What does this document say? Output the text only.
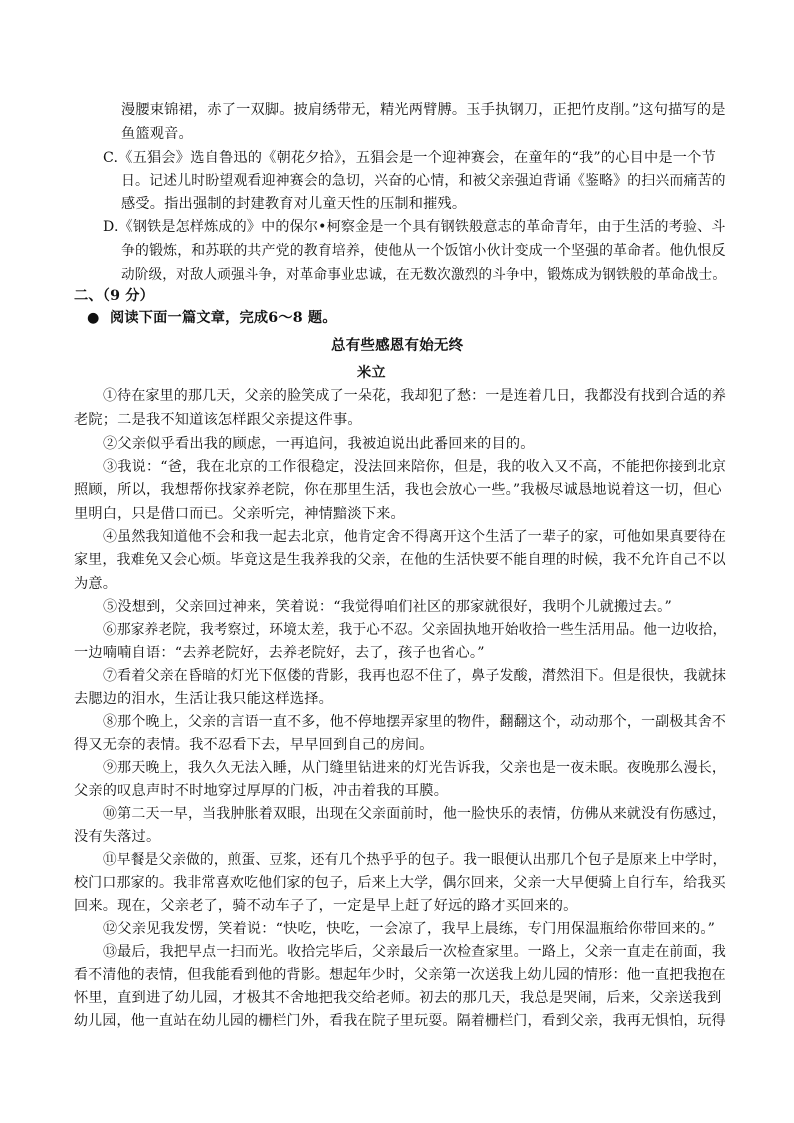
漫腰束锦裙，赤了一双脚。披肩绣带无，精光两臂膊。玉手执钢刀，正把竹皮削。”这句描写的是
鱼篮观音。
C.《五猖会》选自鲁迅的《朝花夕拾》，五猖会是一个迎神赛会，在童年的“我”的心目中是一个节
日。记述儿时盼望观看迎神赛会的急切，兴奋的心情，和被父亲强迫背诵《鉴略》的扫兴而痛苦的
感受。指出强制的封建教育对儿童天性的压制和摧残。
D.《钢铁是怎样炼成的》中的保尔•柯察金是一个具有钢铁般意志的革命青年，由于生活的考验、斗
争的锻炼，和苏联的共产党的教育培养，使他从一个饭馆小伙计变成一个坚强的革命者。他仇恨反
动阶级，对敌人顽强斗争，对革命事业忠诚，在无数次激烈的斗争中，锻炼成为钢铁般的革命战士。
二、（9 分）
● 阅读下面一篇文章，完成6～8 题。
总有些感恩有始无终
米立
①待在家里的那几天，父亲的脸笑成了一朵花，我却犯了愁：一是连着几日，我都没有找到合适的养
老院；二是我不知道该怎样跟父亲提这件事。
②父亲似乎看出我的顾虑，一再追问，我被迫说出此番回来的目的。
③我说：“爸，我在北京的工作很稳定，没法回来陪你，但是，我的收入又不高，不能把你接到北京
照顾，所以，我想帮你找家养老院，你在那里生活，我也会放心一些。”我极尽诚恳地说着这一切，但心
里明白，只是借口而已。父亲听完，神情黯淡下来。
④虽然我知道他不会和我一起去北京，他肯定舍不得离开这个生活了一辈子的家，可他如果真要待在
家里，我难免又会心烦。毕竟这是生我养我的父亲，在他的生活快要不能自理的时候，我不允许自己不以
为意。
⑤没想到，父亲回过神来，笑着说：“我觉得咱们社区的那家就很好，我明个儿就搬过去。”
⑥那家养老院，我考察过，环境太差，我于心不忍。父亲固执地开始收拾一些生活用品。他一边收拾，
一边喃喃自语：“去养老院好，去养老院好，去了，孩子也省心。”
⑦看着父亲在昏暗的灯光下伛偻的背影，我再也忍不住了，鼻子发酸，潸然泪下。但是很快，我就抹
去腮边的泪水，生活让我只能这样选择。
⑧那个晚上，父亲的言语一直不多，他不停地摆弄家里的物件，翻翻这个，动动那个，一副极其舍不
得又无奈的表情。我不忍看下去，早早回到自己的房间。
⑨那天晚上，我久久无法入睡，从门缝里钻进来的灯光告诉我，父亲也是一夜未眠。夜晚那么漫长，
父亲的叹息声时不时地穿过厚厚的门板，冲击着我的耳膜。
⑩第二天一早，当我肿胀着双眼，出现在父亲面前时，他一脸快乐的表情，仿佛从来就没有伤感过，
没有失落过。
⑪早餐是父亲做的，煎蛋、豆浆，还有几个热乎乎的包子。我一眼便认出那几个包子是原来上中学时，
校门口那家的。我非常喜欢吃他们家的包子，后来上大学，偶尔回来，父亲一大早便骑上自行车，给我买
回来。现在，父亲老了，骑不动车子了，一定是早上赶了好远的路才买回来的。
⑫父亲见我发愣，笑着说：“快吃，快吃，一会凉了，我早上晨练，专门用保温瓶给你带回来的。”
⑬最后，我把早点一扫而光。收拾完毕后，父亲最后一次检查家里。一路上，父亲一直走在前面，我
看不清他的表情，但我能看到他的背影。想起年少时，父亲第一次送我上幼儿园的情形：他一直把我抱在
怀里，直到进了幼儿园，才极其不舍地把我交给老师。初去的那几天，我总是哭闹，后来，父亲送我到
幼儿园，他一直站在幼儿园的栅栏门外，看我在院子里玩耍。隔着栅栏门，看到父亲，我再无惧怕，玩得
